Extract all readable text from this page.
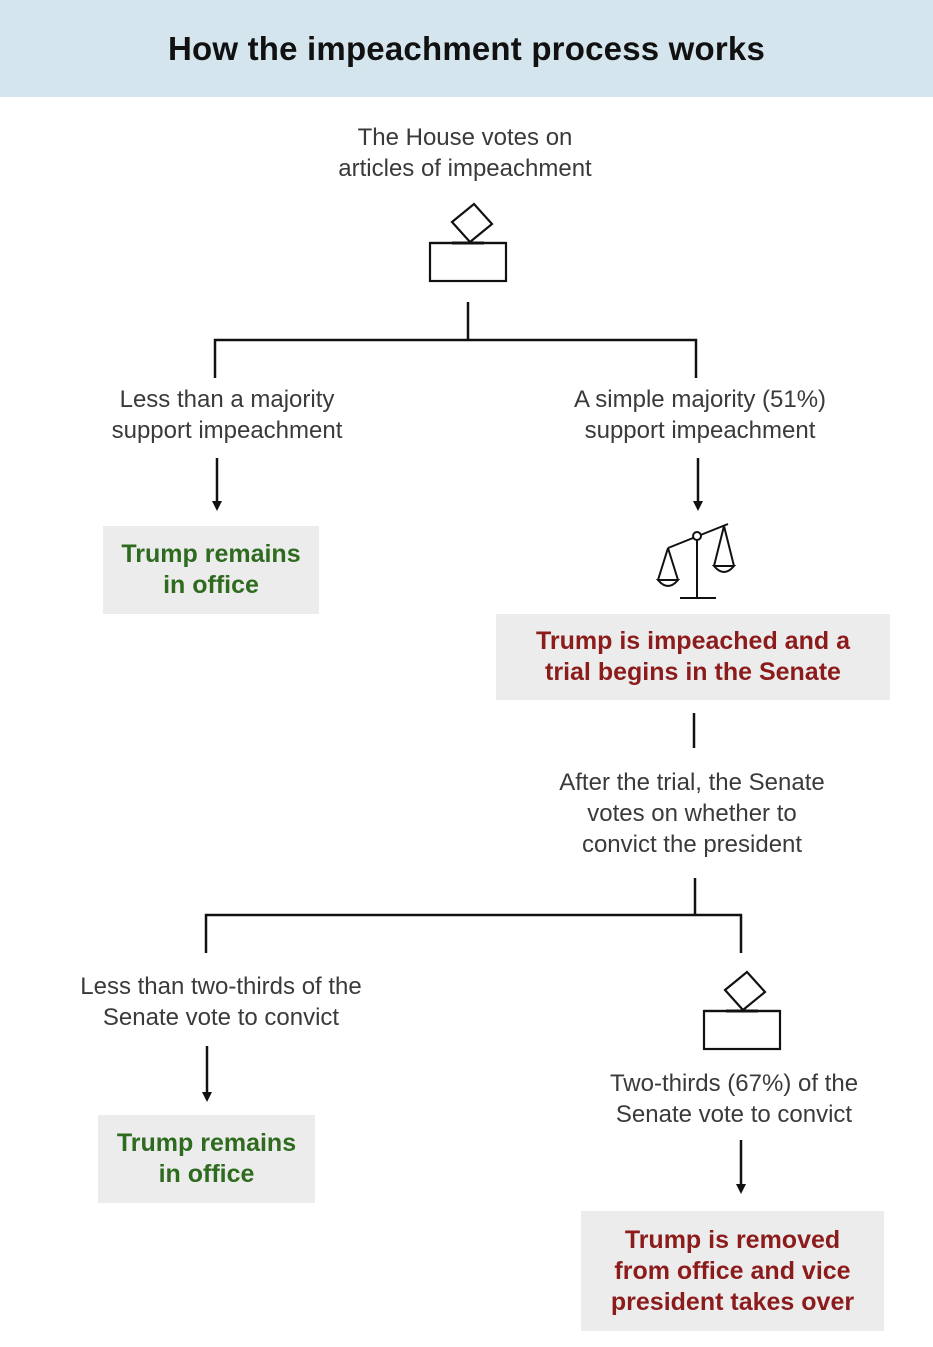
How the impeachment process works
The House votes on
articles of impeachment
Less than a majority
support impeachment
A simple majority (51%)
support impeachment
Trump remains
in office
Trump is impeached and a
trial begins in the Senate
After the trial, the Senate
votes on whether to
convict the president
Less than two-thirds of the
Senate vote to convict
Two-thirds (67%) of the
Senate vote to convict
Trump remains
in office
Trump is removed
from office and vice
president takes over
